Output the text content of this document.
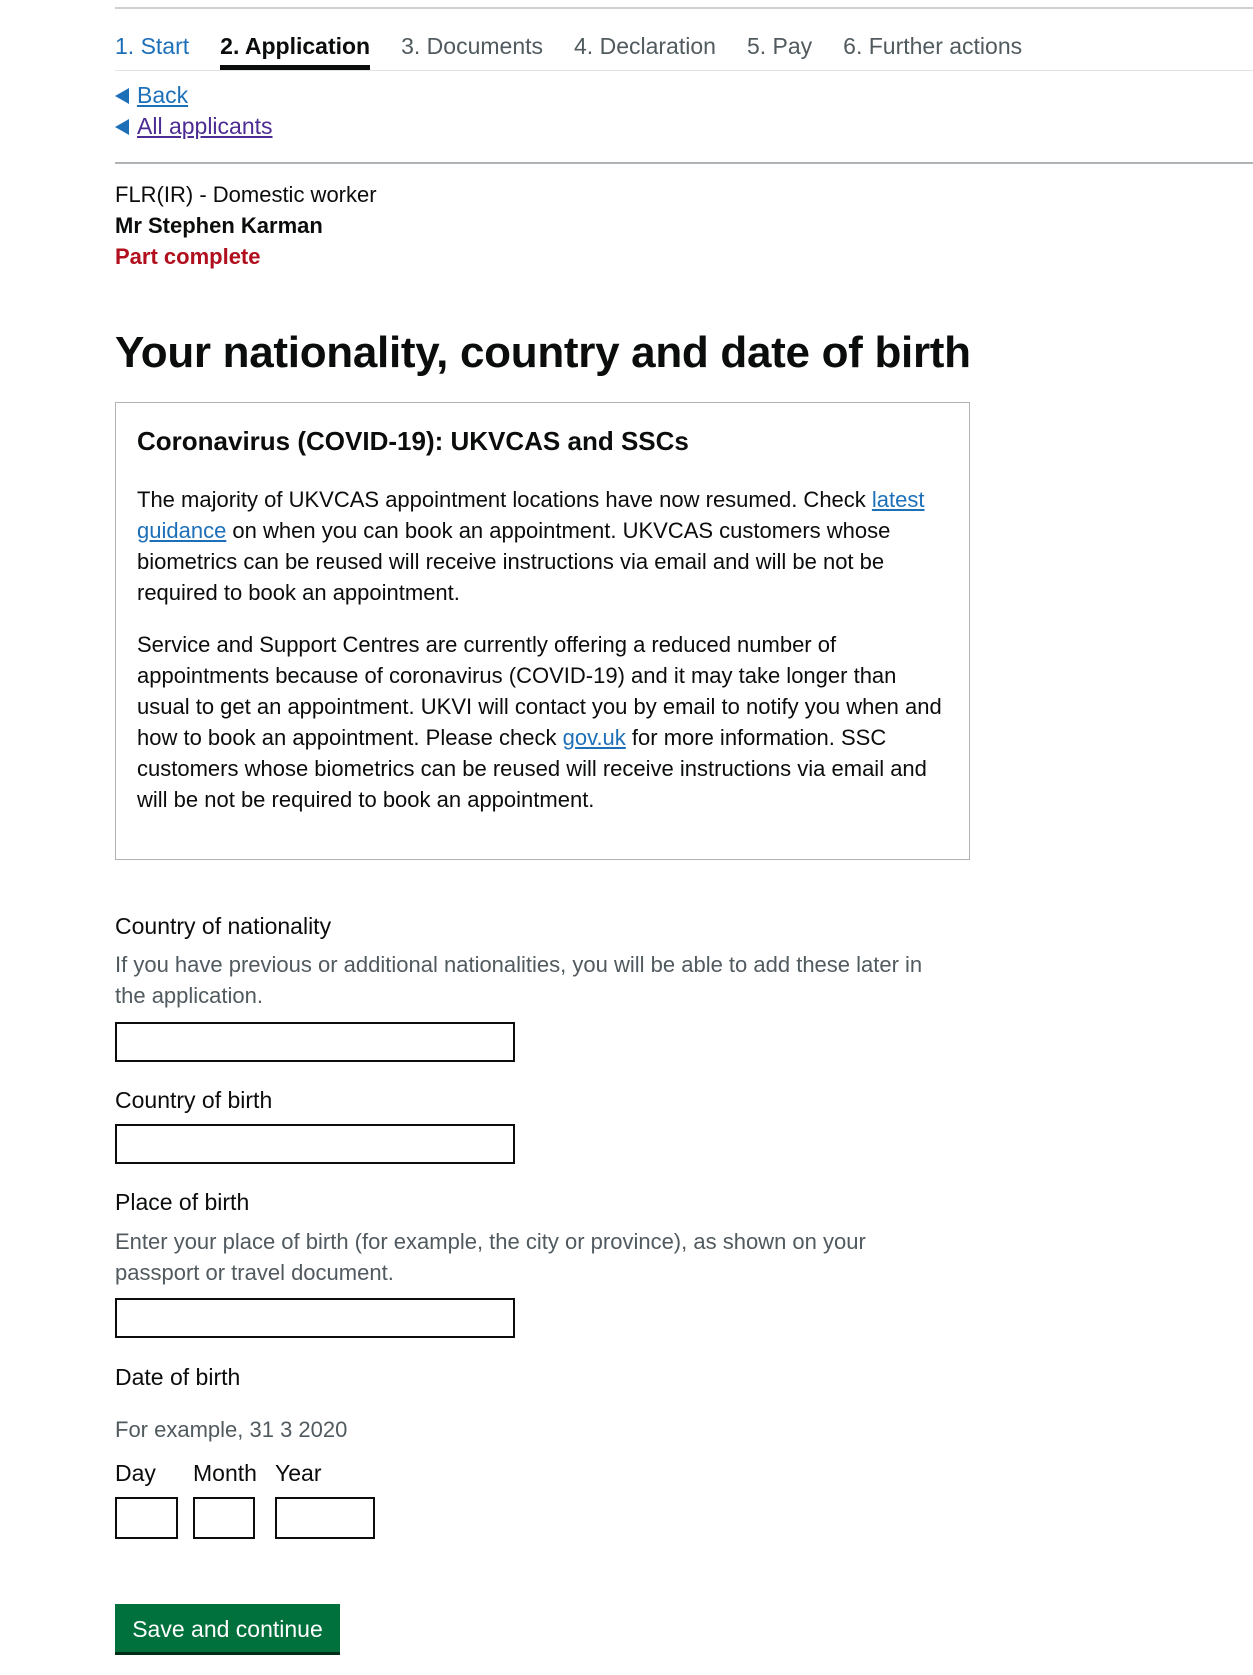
1. Start 2. Application 3. Documents 4. Declaration 5. Pay 6. Further actions
Back
All applicants
FLR(IR) - Domestic worker
Mr Stephen Karman
Part complete
Your nationality, country and date of birth
Coronavirus (COVID-19): UKVCAS and SSCs

The majority of UKVCAS appointment locations have now resumed. Check latest guidance on when you can book an appointment. UKVCAS customers whose biometrics can be reused will receive instructions via email and will be not be required to book an appointment.

Service and Support Centres are currently offering a reduced number of appointments because of coronavirus (COVID-19) and it may take longer than usual to get an appointment. UKVI will contact you by email to notify you when and how to book an appointment. Please check gov.uk for more information. SSC customers whose biometrics can be reused will receive instructions via email and will be not be required to book an appointment.

Country of nationality
If you have previous or additional nationalities, you will be able to add these later in the application.
Country of birth
Place of birth
Enter your place of birth (for example, the city or province), as shown on your passport or travel document.
Date of birth
For example, 31 3 2020
Day Month Year
Save and continue
